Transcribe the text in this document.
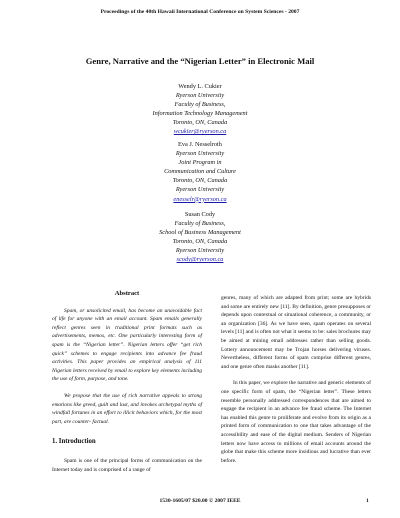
Proceedings of the 40th Hawaii International Conference on System Sciences - 2007
Genre, Narrative and the “Nigerian Letter” in Electronic Mail
Wendy L. Cukier
Ryerson University
Faculty of Business,
Information Technology Management
Toronto, ON, Canada
wcukier@ryerson.ca
Eva J. Nesselroth
Ryerson University
Joint Program in
Communication and Culture
Toronto, ON, Canada
Ryerson University
enesselr@ryerson.ca
Susan Cody
Faculty of Business,
School of Business Management
Toronto, ON, Canada
Ryerson University
scody@ryerson.ca
Abstract

Spam, or unsolicited email, has become an unavoidable fact of life for anyone with an email account. Spam emails generally reflect genres seen in traditional print formats such as advertisements, memos, etc. One particularly interesting form of spam is the “Nigerian letter”. Nigerian letters offer “get rich quick” schemes to engage recipients into advance fee fraud activities. This paper provides an empirical analysis of 111 Nigerian letters received by email to explore key elements including the use of form, purpose, and tone.

We propose that the use of rich narrative appeals to strong emotions like greed, guilt and lust, and invokes archetypal myths of windfall fortunes in an effort to illicit behaviors which, for the most part, are counter- factual.

1. Introduction
Spam is one of the principal forms of communication on the Internet today and is comprised of a range of
genres, many of which are adapted from print; some are hybrids and some are entirely new [11]. By definition, genre presupposes or depends upon contextual or situational coherence, a community, or an organization [36]. As we have seen, spam operates on several levels [11] and is often not what it seems to be: sales brochures may be aimed at mining email addresses rather than selling goods. Lottery announcement may be Trojan horses delivering viruses. Nevertheless, different forms of spam comprise different genres, and one genre often masks another [11].
In this paper, we explore the narrative and generic elements of one specific form of spam, the “Nigerian letter”. These letters resemble personally addressed correspondences that are aimed to engage the recipient in an advance fee fraud scheme. The Internet has enabled this genre to proliferate and evolve from its origin as a printed form of communication to one that takes advantage of the accessibility and ease of the digital medium. Senders of Nigerian letters now have access to millions of email accounts around the globe that make this scheme more insidious and lucrative than ever before.
1530-1605/07 $20.00 © 2007 IEEE	1
